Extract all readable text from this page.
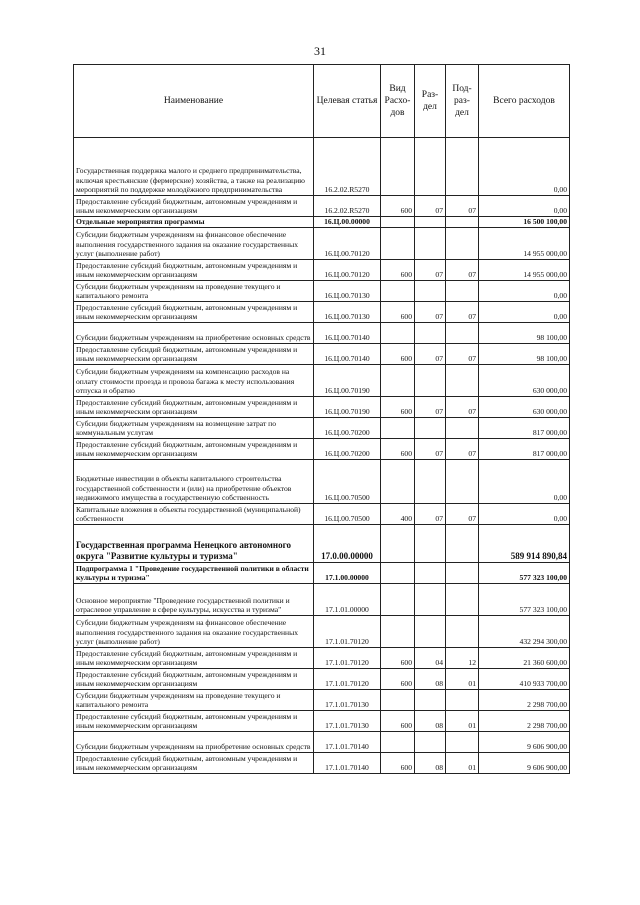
31
Наименование	Целевая статья	Вид Расхо-дов	Раз-дел	Под-раз-дел	Всего расходов
Государственная поддержка малого и среднего предпринимательства, включая крестьянские (фермерские) хозяйства, а также на реализацию мероприятий по поддержке молодёжного предпринимательства	16.2.02.R5270				0,00
Предоставление субсидий бюджетным, автономным учреждениям и иным некоммерческим организациям	16.2.02.R5270	600	07	07	0,00
Отдельные мероприятия программы	16.Ц.00.00000				16 500 100,00
Субсидии бюджетным учреждениям на финансовое обеспечение выполнения государственного задания на оказание государственных услуг (выполнение работ)	16.Ц.00.70120				14 955 000,00
Предоставление субсидий бюджетным, автономным учреждениям и иным некоммерческим организациям	16.Ц.00.70120	600	07	07	14 955 000,00
Субсидии бюджетным учреждениям на проведение текущего и капитального ремонта	16.Ц.00.70130				0,00
Предоставление субсидий бюджетным, автономным учреждениям и иным некоммерческим организациям	16.Ц.00.70130	600	07	07	0,00
Субсидии бюджетным учреждениям на приобретение основных средств	16.Ц.00.70140				98 100,00
Предоставление субсидий бюджетным, автономным учреждениям и иным некоммерческим организациям	16.Ц.00.70140	600	07	07	98 100,00
Субсидии бюджетным учреждениям на компенсацию расходов на оплату стоимости проезда и провоза багажа к месту использования отпуска и обратно	16.Ц.00.70190				630 000,00
Предоставление субсидий бюджетным, автономным учреждениям и иным некоммерческим организациям	16.Ц.00.70190	600	07	07	630 000,00
Субсидии бюджетным учреждениям на возмещение затрат по коммунальным услугам	16.Ц.00.70200				817 000,00
Предоставление субсидий бюджетным, автономным учреждениям и иным некоммерческим организациям	16.Ц.00.70200	600	07	07	817 000,00
Бюджетные инвестиции в объекты капитального строительства государственной собственности и (или) на приобретение объектов недвижимого имущества в государственную собственность	16.Ц.00.70500				0,00
Капитальные вложения в объекты государственной (муниципальной) собственности	16.Ц.00.70500	400	07	07	0,00
Государственная программа Ненецкого автономного округа "Развитие культуры и туризма"	17.0.00.00000				589 914 890,84
Подпрограмма 1 "Проведение государственной политики в области культуры и туризма"	17.1.00.00000				577 323 100,00
Основное мероприятие "Проведение государственной политики и отраслевое управление в сфере культуры, искусства и туризма"	17.1.01.00000				577 323 100,00
Субсидии бюджетным учреждениям на финансовое обеспечение выполнения государственного задания на оказание государственных услуг (выполнение работ)	17.1.01.70120				432 294 300,00
Предоставление субсидий бюджетным, автономным учреждениям и иным некоммерческим организациям	17.1.01.70120	600	04	12	21 360 600,00
Предоставление субсидий бюджетным, автономным учреждениям и иным некоммерческим организациям	17.1.01.70120	600	08	01	410 933 700,00
Субсидии бюджетным учреждениям на проведение текущего и капитального ремонта	17.1.01.70130				2 298 700,00
Предоставление субсидий бюджетным, автономным учреждениям и иным некоммерческим организациям	17.1.01.70130	600	08	01	2 298 700,00
Субсидии бюджетным учреждениям на приобретение основных средств	17.1.01.70140				9 606 900,00
Предоставление субсидий бюджетным, автономным учреждениям и иным некоммерческим организациям	17.1.01.70140	600	08	01	9 606 900,00
